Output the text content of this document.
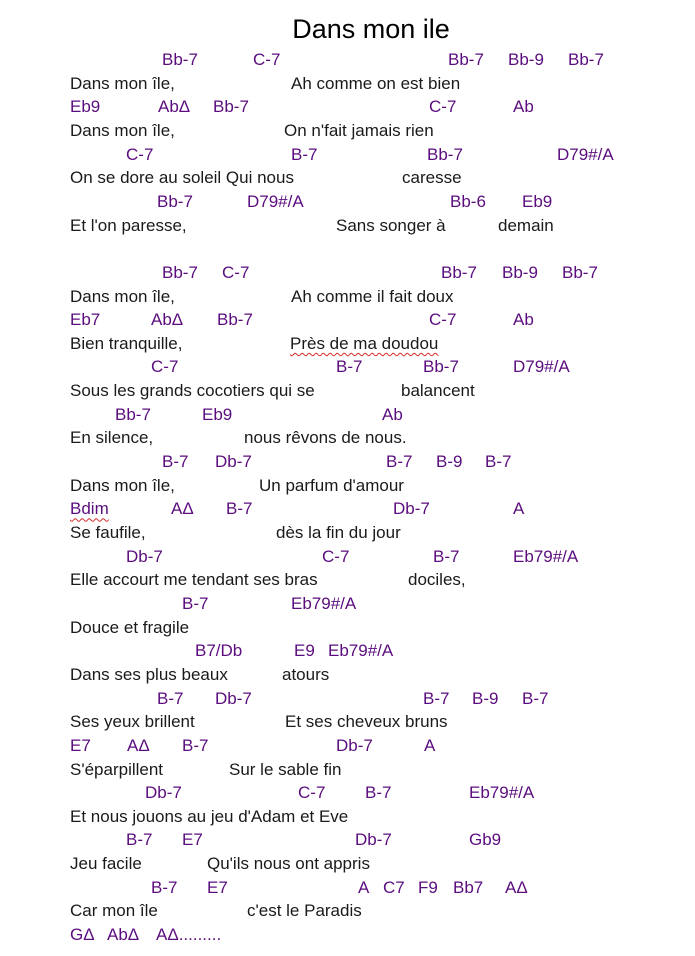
Dans mon ile
Bb-7	C-7	Bb-7 Bb-9 Bb-7
Dans mon île,	Ah comme on est bien
Eb9	AbΔ Bb-7	C-7	Ab
Dans mon île,	On n'fait jamais rien
C-7	B-7	Bb-7	D79#/A
On se dore au soleil Qui nous	caresse
Bb-7	D79#/A	Bb-6 Eb9
Et l'on paresse,	Sans songer à	demain
Bb-7 C-7	Bb-7 Bb-9 Bb-7
Dans mon île,	Ah comme il fait doux
Eb7	AbΔ Bb-7	C-7	Ab
Bien tranquille,	Près de ma doudou
C-7	B-7	Bb-7	D79#/A
Sous les grands cocotiers qui se	balancent
Bb-7	Eb9	Ab
En silence,	nous rêvons de nous.
B-7 Db-7	B-7 B-9 B-7
Dans mon île,	Un parfum d'amour
Bdim	AΔ B-7	Db-7	A
Se faufile,	dès la fin du jour
Db-7	C-7	B-7	Eb79#/A
Elle accourt me tendant ses bras	dociles,
B-7	Eb79#/A
Douce et fragile
B7/Db	E9 Eb79#/A
Dans ses plus beaux	atours
B-7 Db-7	B-7 B-9 B-7
Ses yeux brillent	Et ses cheveux bruns
E7 AΔ B-7	Db-7	A
S'éparpillent	Sur le sable fin
Db-7	C-7 B-7	Eb79#/A
Et nous jouons au jeu d'Adam et Eve
B-7 E7	Db-7	Gb9
Jeu facile	Qu'ils nous ont appris
B-7 E7	A C7 F9 Bb7 AΔ
Car mon île	c'est le Paradis
GΔ AbΔ AΔ.........
